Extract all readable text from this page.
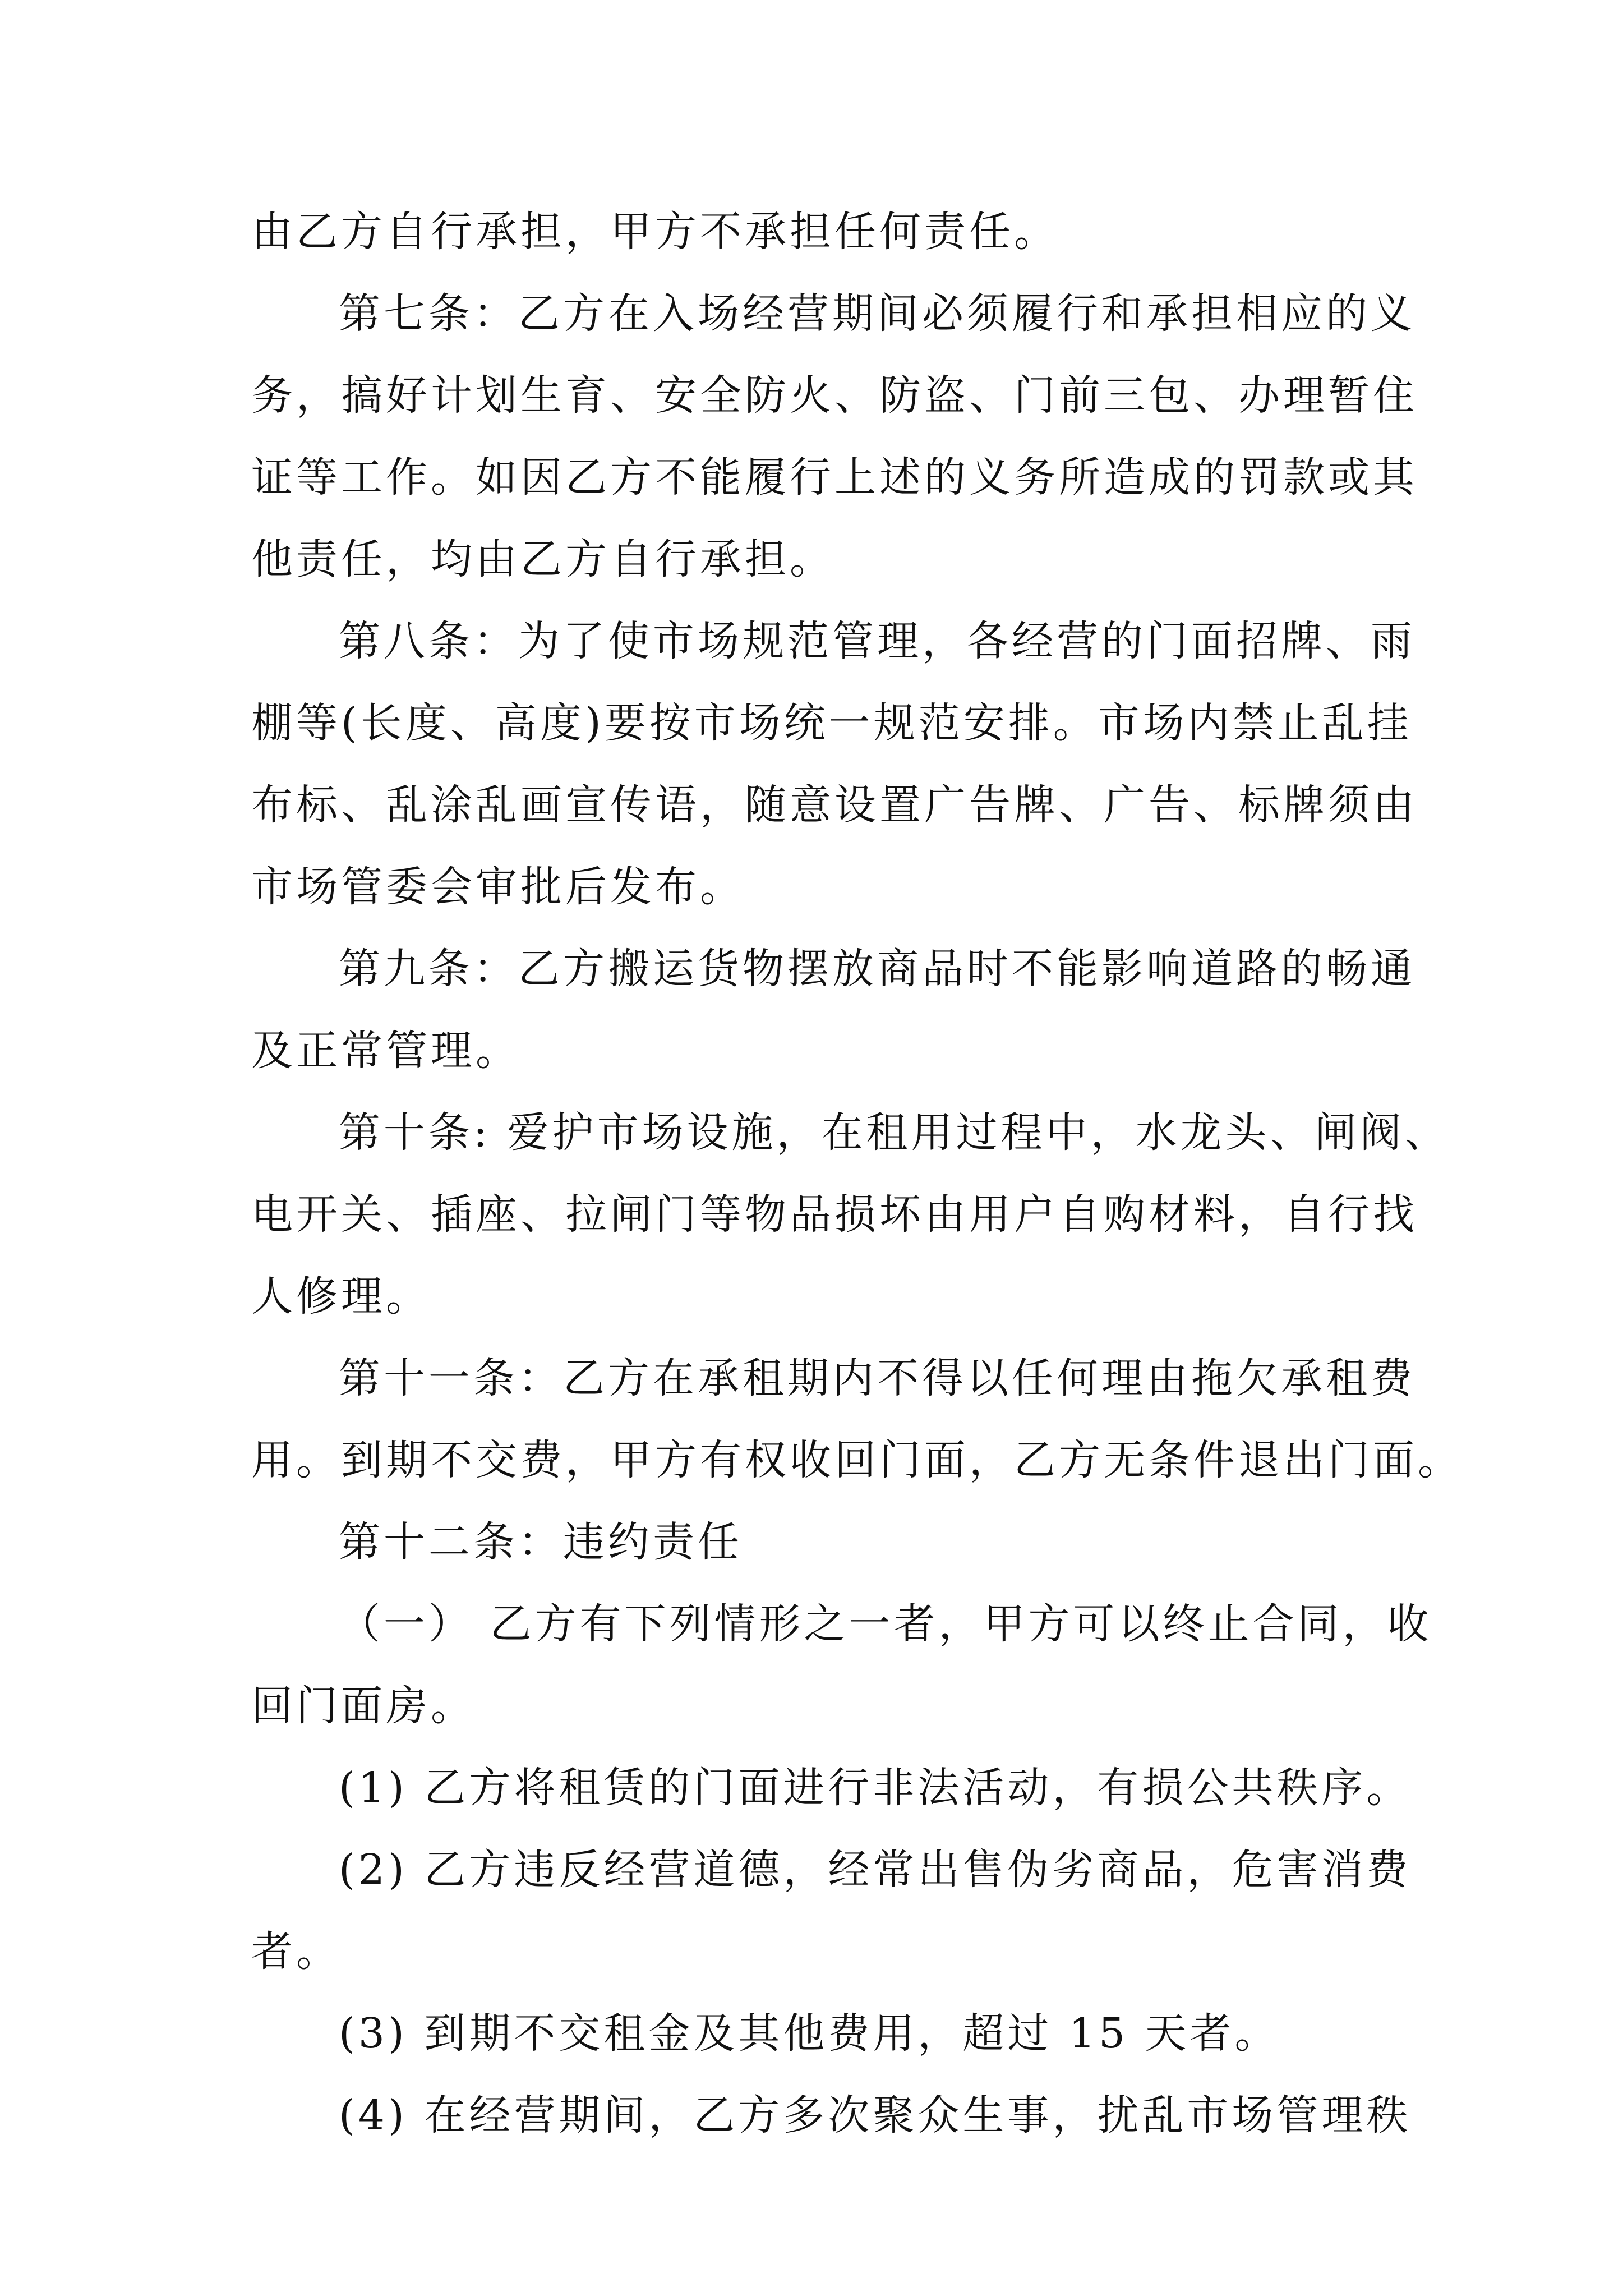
由乙方自行承担，甲方不承担任何责任。
第七条：乙方在入场经营期间必须履行和承担相应的义
务，搞好计划生育、安全防火、防盗、门前三包、办理暂住
证等工作。如因乙方不能履行上述的义务所造成的罚款或其
他责任，均由乙方自行承担。
第八条：为了使市场规范管理，各经营的门面招牌、雨
棚等(长度、高度)要按市场统一规范安排。市场内禁止乱挂
布标、乱涂乱画宣传语，随意设置广告牌、广告、标牌须由
市场管委会审批后发布。
第九条：乙方搬运货物摆放商品时不能影响道路的畅通
及正常管理。
第十条: 爱护市场设施，在租用过程中，水龙头、闸阀、
电开关、插座、拉闸门等物品损坏由用户自购材料，自行找
人修理。
第十一条：乙方在承租期内不得以任何理由拖欠承租费
用。到期不交费，甲方有权收回门面，乙方无条件退出门面。
第十二条：违约责任
（一） 乙方有下列情形之一者，甲方可以终止合同，收
回门面房。
(1) 乙方将租赁的门面进行非法活动，有损公共秩序。
(2) 乙方违反经营道德，经常出售伪劣商品，危害消费
者。
(3) 到期不交租金及其他费用，超过 15 天者。
(4) 在经营期间，乙方多次聚众生事，扰乱市场管理秩
